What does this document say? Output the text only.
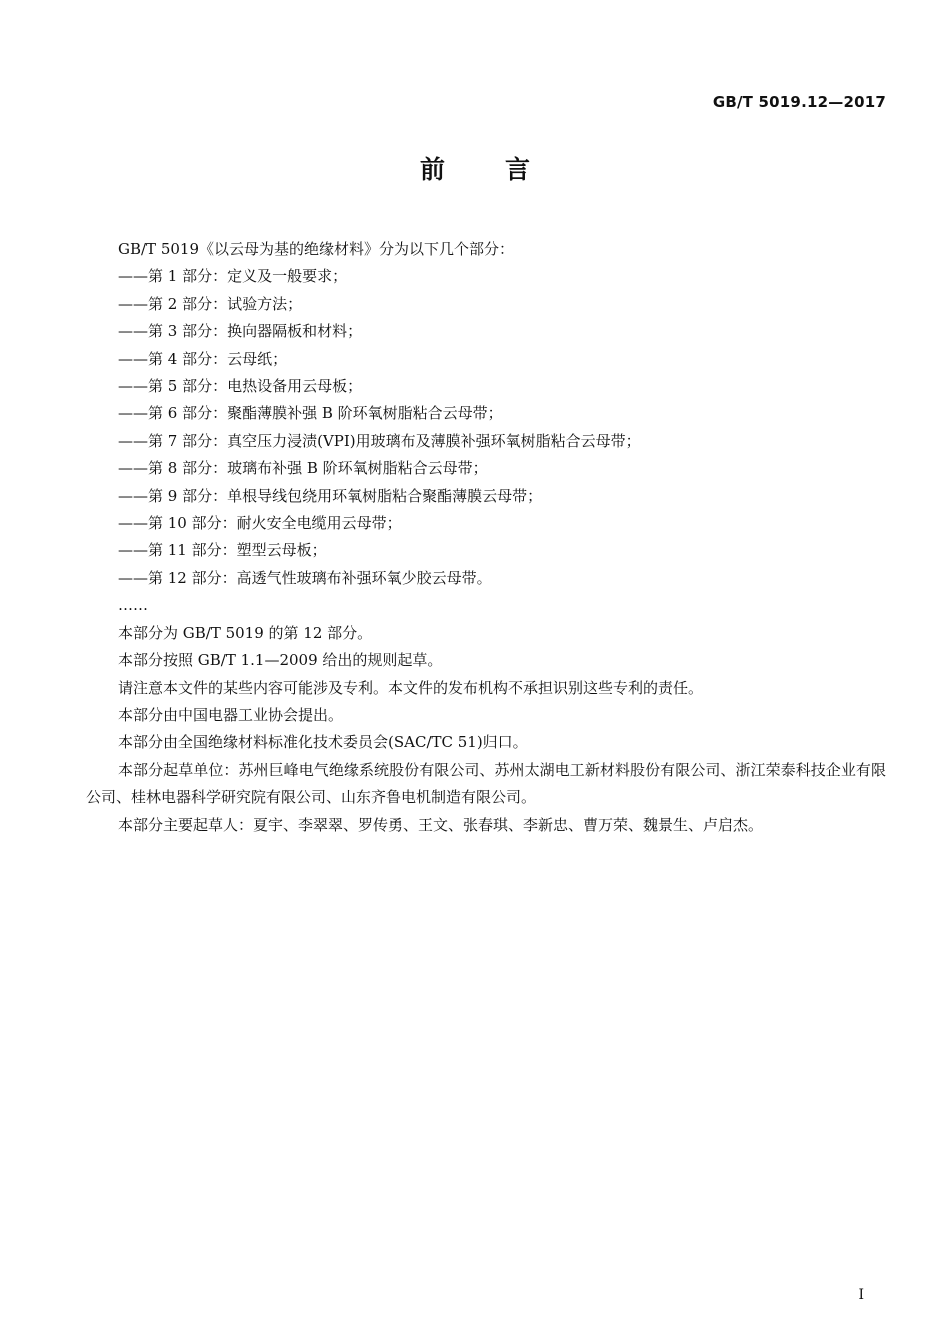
GB/T 5019.12—2017
前言

GB/T 5019《以云母为基的绝缘材料》分为以下几个部分：

——第 1 部分：定义及一般要求；

——第 2 部分：试验方法；

——第 3 部分：换向器隔板和材料；

——第 4 部分：云母纸；

——第 5 部分：电热设备用云母板；

——第 6 部分：聚酯薄膜补强 B 阶环氧树脂粘合云母带；

——第 7 部分：真空压力浸渍(VPI)用玻璃布及薄膜补强环氧树脂粘合云母带；

——第 8 部分：玻璃布补强 B 阶环氧树脂粘合云母带；

——第 9 部分：单根导线包绕用环氧树脂粘合聚酯薄膜云母带；

——第 10 部分：耐火安全电缆用云母带；

——第 11 部分：塑型云母板；

——第 12 部分：高透气性玻璃布补强环氧少胶云母带。

……

本部分为 GB/T 5019 的第 12 部分。

本部分按照 GB/T 1.1—2009 给出的规则起草。

请注意本文件的某些内容可能涉及专利。本文件的发布机构不承担识别这些专利的责任。

本部分由中国电器工业协会提出。

本部分由全国绝缘材料标准化技术委员会(SAC/TC 51)归口。

本部分起草单位：苏州巨峰电气绝缘系统股份有限公司、苏州太湖电工新材料股份有限公司、浙江荣泰科技企业有限公司、桂林电器科学研究院有限公司、山东齐鲁电机制造有限公司。

本部分主要起草人：夏宇、李翠翠、罗传勇、王文、张春琪、李新忠、曹万荣、魏景生、卢启杰。

I
